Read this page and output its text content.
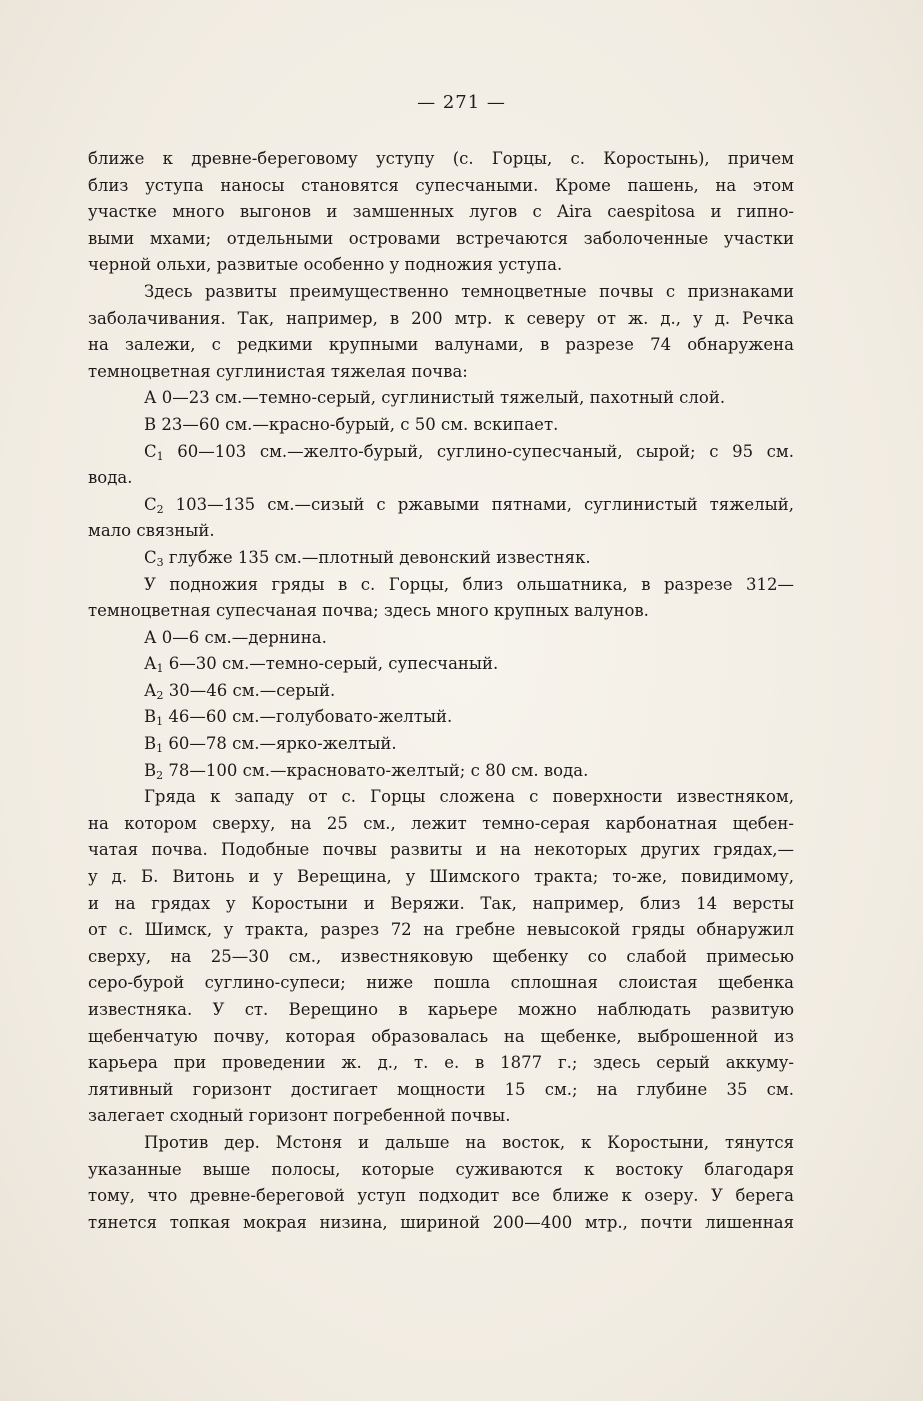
— 271 —
ближе к древне-береговому уступу (с. Горцы, с. Коростынь), причем
близ уступа наносы становятся супесчаными. Кроме пашень, на этом
участке много выгонов и замшенных лугов с Aira caespitosa и гипно-
выми мхами; отдельными островами встречаются заболоченные участки
черной ольхи, развитые особенно у подножия уступа.
Здесь развиты преимущественно темноцветные почвы с признаками
заболачивания. Так, например, в 200 мтр. к северу от ж. д., у д. Речка
на залежи, с редкими крупными валунами, в разрезе 74 обнаружена
темноцветная суглинистая тяжелая почва:
А 0—23 см.—темно-серый, суглинистый тяжелый, пахотный слой.
В 23—60 см.—красно-бурый, с 50 см. вскипает.
$С_1$ 60—103 см.—желто-бурый, суглино-супесчаный, сырой; с 95 см.
вода.
$С_2$ 103—135 см.—сизый с ржавыми пятнами, суглинистый тяжелый,
мало связный.
$С_3$ глубже 135 см.—плотный девонский известняк.
У подножия гряды в с. Горцы, близ ольшатника, в разрезе 312—
темноцветная супесчаная почва; здесь много крупных валунов.
А 0—6 см.—дернина.
$А_1$ 6—30 см.—темно-серый, супесчаный.
$А_2$ 30—46 см.—серый.
$В_1$ 46—60 см.—голубовато-желтый.
$В_1$ 60—78 см.—ярко-желтый.
$В_2$ 78—100 см.—красновато-желтый; с 80 см. вода.
Гряда к западу от с. Горцы сложена с поверхности известняком,
на котором сверху, на 25 см., лежит темно-серая карбонатная щебен-
чатая почва. Подобные почвы развиты и на некоторых других грядах,—
у д. Б. Витонь и у Верещина, у Шимского тракта; то-же, повидимому,
и на грядах у Коростыни и Веряжи. Так, например, близ 14 версты
от с. Шимск, у тракта, разрез 72 на гребне невысокой гряды обнаружил
сверху, на 25—30 см., известняковую щебенку со слабой примесью
серо-бурой суглино-супеси; ниже пошла сплошная слоистая щебенка
известняка. У ст. Верещино в карьере можно наблюдать развитую
щебенчатую почву, которая образовалась на щебенке, выброшенной из
карьера при проведении ж. д., т. е. в 1877 г.; здесь серый аккуму-
лятивный горизонт достигает мощности 15 см.; на глубине 35 см.
залегает сходный горизонт погребенной почвы.
Против дер. Мстоня и дальше на восток, к Коростыни, тянутся
указанные выше полосы, которые суживаются к востоку благодаря
тому, что древне-береговой уступ подходит все ближе к озеру. У берега
тянется топкая мокрая низина, шириной 200—400 мтр., почти лишенная
